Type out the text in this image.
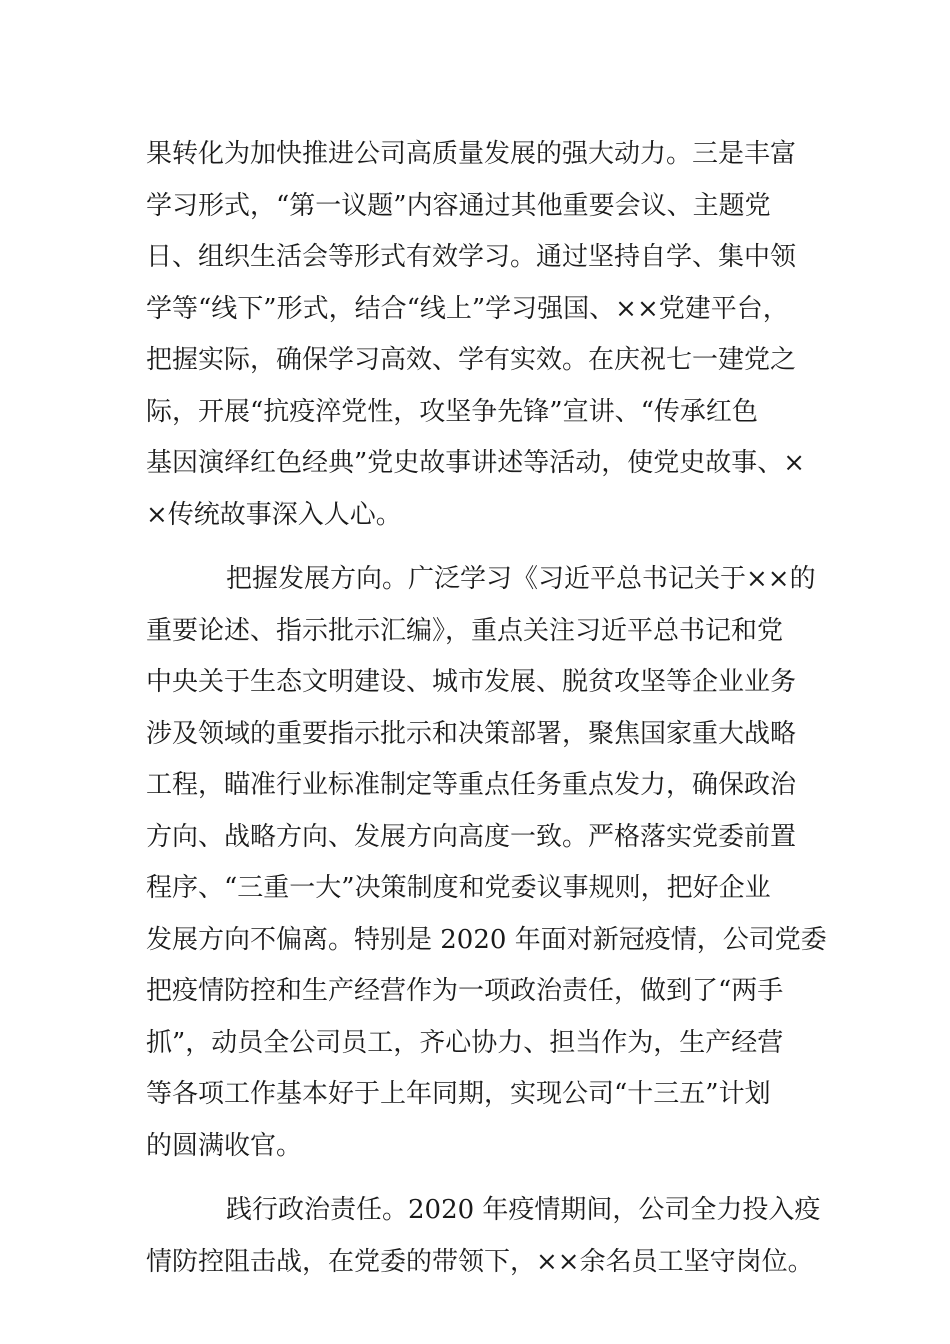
果转化为加快推进公司高质量发展的强大动力。三是丰富
学习形式，“第一议题”内容通过其他重要会议、主题党
日、组织生活会等形式有效学习。通过坚持自学、集中领
学等“线下”形式，结合“线上”学习强国、××党建平台，
把握实际，确保学习高效、学有实效。在庆祝七一建党之
际，开展“抗疫淬党性，攻坚争先锋”宣讲、“传承红色
基因演绎红色经典”党史故事讲述等活动，使党史故事、×
×传统故事深入人心。
把握发展方向。广泛学习《习近平总书记关于××的
重要论述、指示批示汇编》，重点关注习近平总书记和党
中央关于生态文明建设、城市发展、脱贫攻坚等企业业务
涉及领域的重要指示批示和决策部署，聚焦国家重大战略
工程，瞄准行业标准制定等重点任务重点发力，确保政治
方向、战略方向、发展方向高度一致。严格落实党委前置
程序、“三重一大”决策制度和党委议事规则，把好企业
发展方向不偏离。特别是 2020 年面对新冠疫情，公司党委
把疫情防控和生产经营作为一项政治责任，做到了“两手
抓”，动员全公司员工，齐心协力、担当作为，生产经营
等各项工作基本好于上年同期，实现公司“十三五”计划
的圆满收官。
践行政治责任。2020 年疫情期间，公司全力投入疫
情防控阻击战，在党委的带领下，××余名员工坚守岗位。
